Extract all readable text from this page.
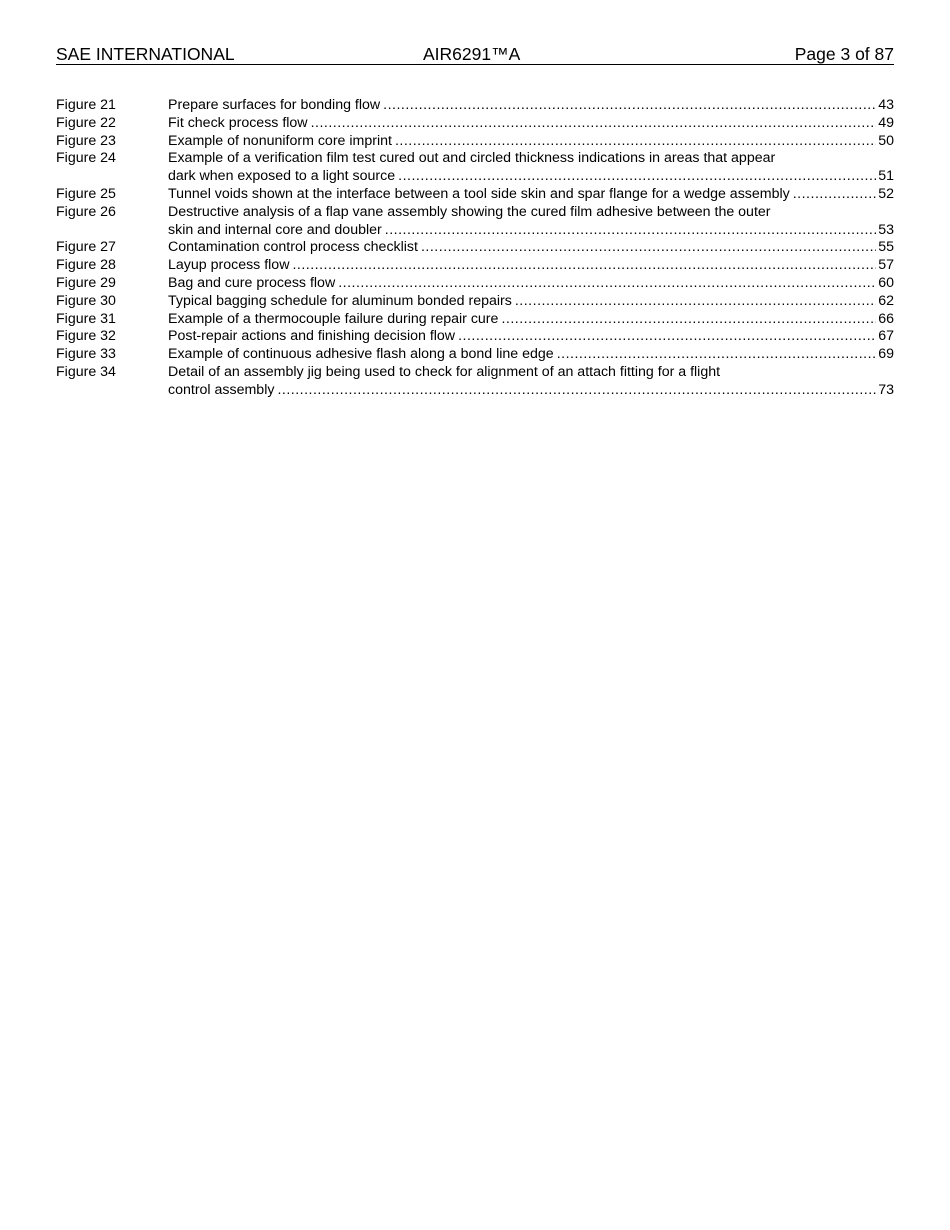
SAE INTERNATIONAL	AIR6291™A	Page 3 of 87
Figure 21	Prepare surfaces for bonding flow .....	43
Figure 22	Fit check process flow .....	49
Figure 23	Example of nonuniform core imprint .....	50
Figure 24	Example of a verification film test cured out and circled thickness indications in areas that appear
dark when exposed to a light source .....	51
Figure 25	Tunnel voids shown at the interface between a tool side skin and spar flange for a wedge assembly .....	52
Figure 26	Destructive analysis of a flap vane assembly showing the cured film adhesive between the outer
skin and internal core and doubler .....	53
Figure 27	Contamination control process checklist .....	55
Figure 28	Layup process flow .....	57
Figure 29	Bag and cure process flow .....	60
Figure 30	Typical bagging schedule for aluminum bonded repairs .....	62
Figure 31	Example of a thermocouple failure during repair cure .....	66
Figure 32	Post-repair actions and finishing decision flow .....	67
Figure 33	Example of continuous adhesive flash along a bond line edge .....	69
Figure 34	Detail of an assembly jig being used to check for alignment of an attach fitting for a flight
control assembly .....	73
